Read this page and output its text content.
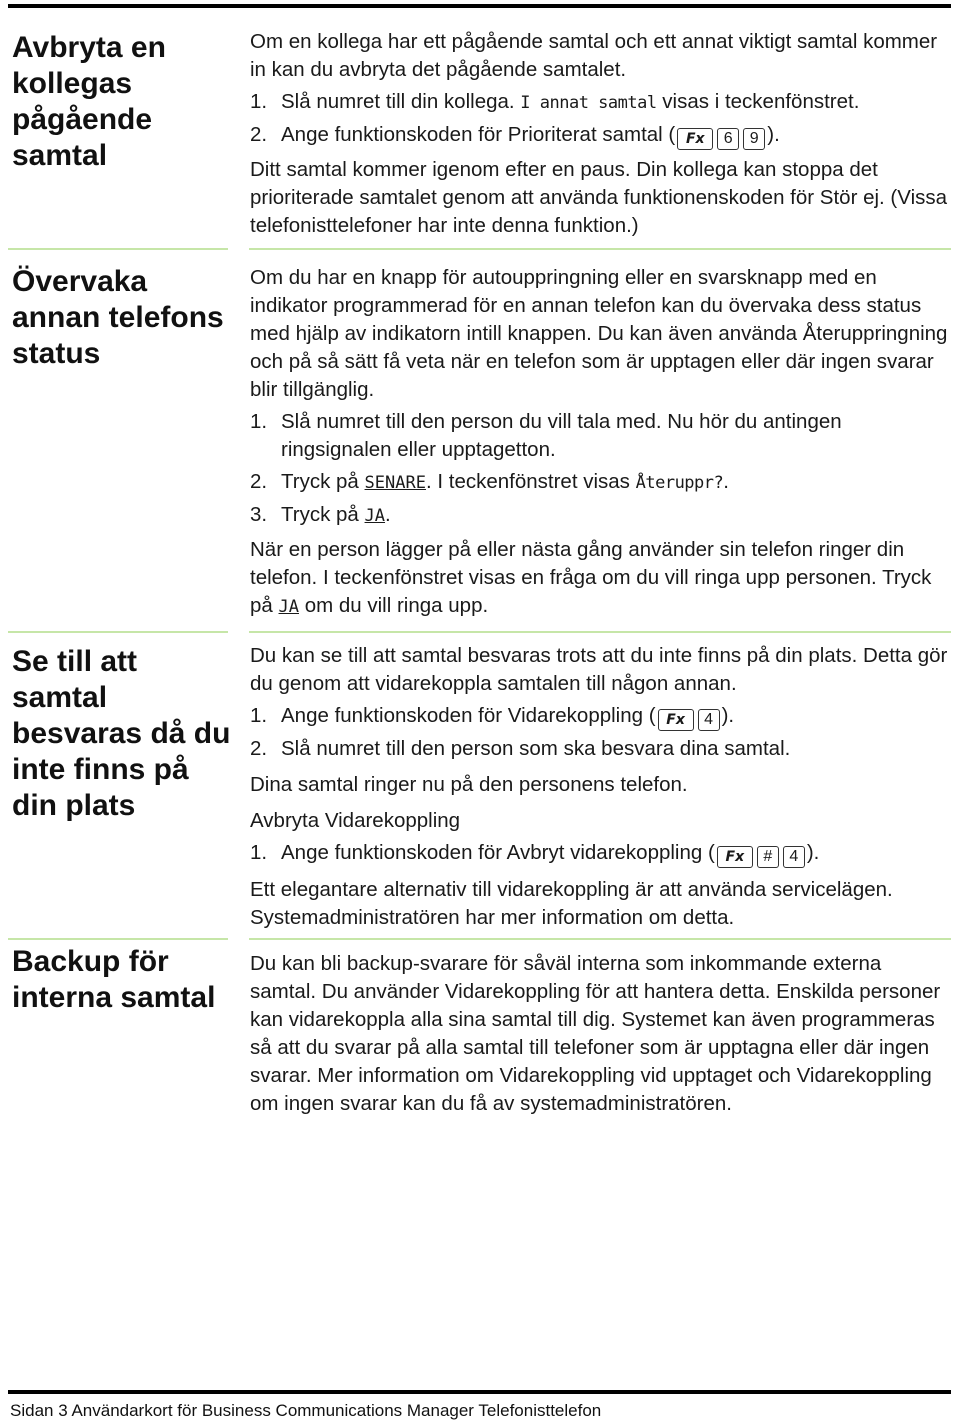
Avbryta en kollegas pågående samtal

Om en kollega har ett pågående samtal och ett annat viktigt samtal kommer in kan du avbryta det pågående samtalet.

1. Slå numret till din kollega. I annat samtal visas i teckenfönstret.
2. Ange funktionskoden för Prioriterat samtal ( Fx 6 9 ).

Ditt samtal kommer igenom efter en paus. Din kollega kan stoppa det prioriterade samtalet genom att använda funktionenskoden för Stör ej. (Vissa telefonisttelefoner har inte denna funktion.)

Övervaka annan telefons status

Om du har en knapp för autouppringning eller en svarsknapp med en indikator programmerad för en annan telefon kan du övervaka dess status med hjälp av indikatorn intill knappen. Du kan även använda Återuppringning och på så sätt få veta när en telefon som är upptagen eller där ingen svarar blir tillgänglig.

1. Slå numret till den person du vill tala med. Nu hör du antingen ringsignalen eller upptagetton.
2. Tryck på SENARE. I teckenfönstret visas Återuppr?.
3. Tryck på JA.

När en person lägger på eller nästa gång använder sin telefon ringer din telefon. I teckenfönstret visas en fråga om du vill ringa upp personen. Tryck på JA om du vill ringa upp.

Se till att samtal besvaras då du inte finns på din plats

Du kan se till att samtal besvaras trots att du inte finns på din plats. Detta gör du genom att vidarekoppla samtalen till någon annan.

1. Ange funktionskoden för Vidarekoppling ( Fx 4 ).
2. Slå numret till den person som ska besvara dina samtal.

Dina samtal ringer nu på den personens telefon.

Avbryta Vidarekoppling

1. Ange funktionskoden för Avbryt vidarekoppling ( Fx # 4 ).

Ett elegantare alternativ till vidarekoppling är att använda servicelägen. Systemadministratören har mer information om detta.

Backup för interna samtal

Du kan bli backup-svarare för såväl interna som inkommande externa samtal. Du använder Vidarekoppling för att hantera detta. Enskilda personer kan vidarekoppla alla sina samtal till dig. Systemet kan även programmeras så att du svarar på alla samtal till telefoner som är upptagna eller där ingen svarar. Mer information om Vidarekoppling vid upptaget och Vidarekoppling om ingen svarar kan du få av systemadministratören.

Sidan 3 Användarkort för Business Communications Manager Telefonisttelefon
